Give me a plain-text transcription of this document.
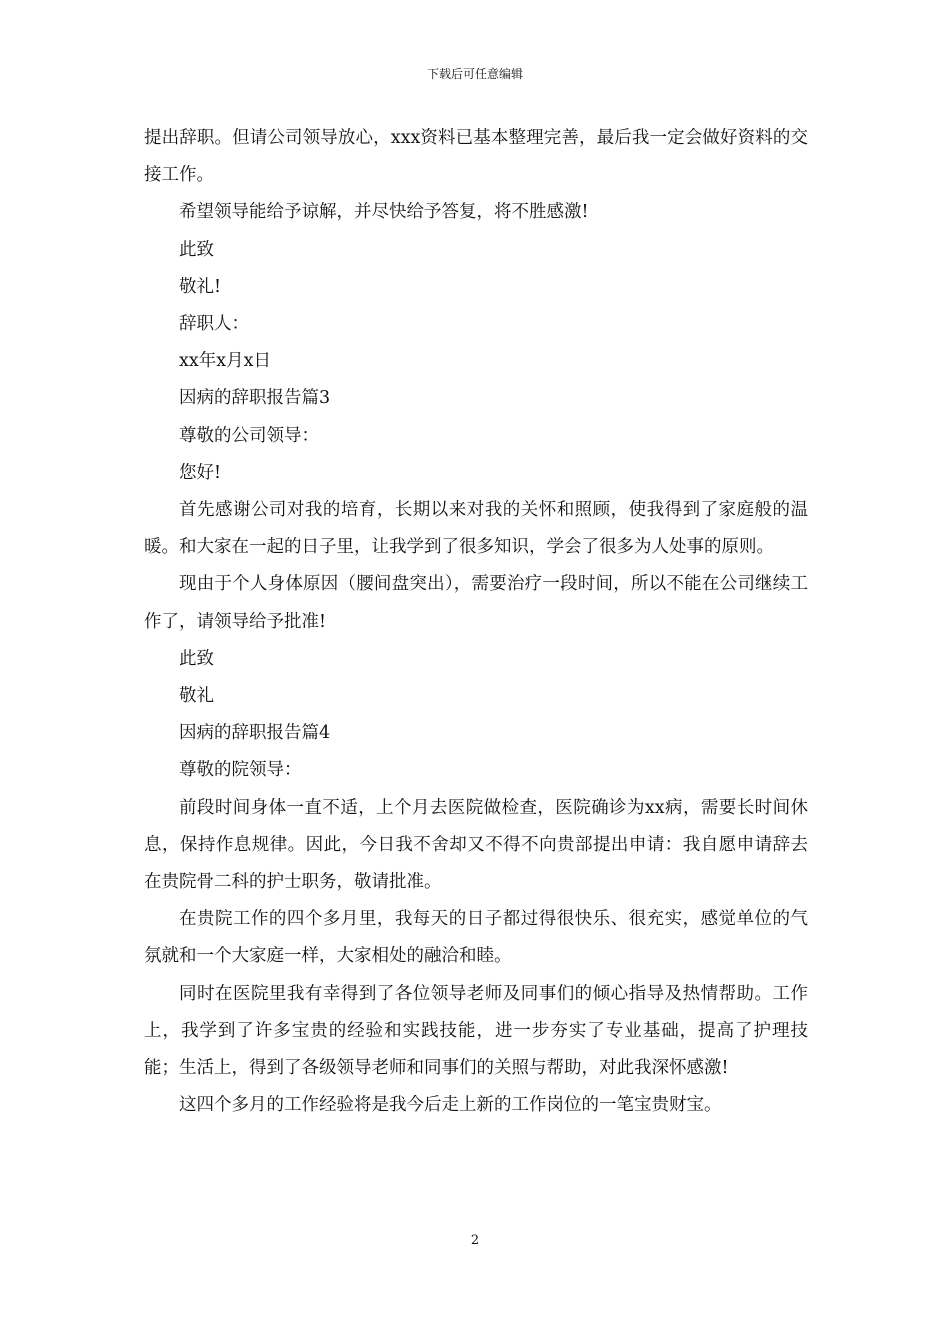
下载后可任意编辑

提出辞职。但请公司领导放心，xxx资料已基本整理完善，最后我一定会做好资料的交接工作。

希望领导能给予谅解，并尽快给予答复，将不胜感激!

此致

敬礼!

辞职人：

xx年x月x日

因病的辞职报告篇3

尊敬的公司领导：

您好!

首先感谢公司对我的培育，长期以来对我的关怀和照顾，使我得到了家庭般的温暖。和大家在一起的日子里，让我学到了很多知识，学会了很多为人处事的原则。

现由于个人身体原因（腰间盘突出），需要治疗一段时间，所以不能在公司继续工作了，请领导给予批准!

此致

敬礼

因病的辞职报告篇4

尊敬的院领导：

前段时间身体一直不适，上个月去医院做检查，医院确诊为xx病，需要长时间休息，保持作息规律。因此，今日我不舍却又不得不向贵部提出申请：我自愿申请辞去在贵院骨二科的护士职务，敬请批准。

在贵院工作的四个多月里，我每天的日子都过得很快乐、很充实，感觉单位的气氛就和一个大家庭一样，大家相处的融洽和睦。

同时在医院里我有幸得到了各位领导老师及同事们的倾心指导及热情帮助。工作上，我学到了许多宝贵的经验和实践技能，进一步夯实了专业基础，提高了护理技能；生活上，得到了各级领导老师和同事们的关照与帮助，对此我深怀感激!

这四个多月的工作经验将是我今后走上新的工作岗位的一笔宝贵财宝。

2
